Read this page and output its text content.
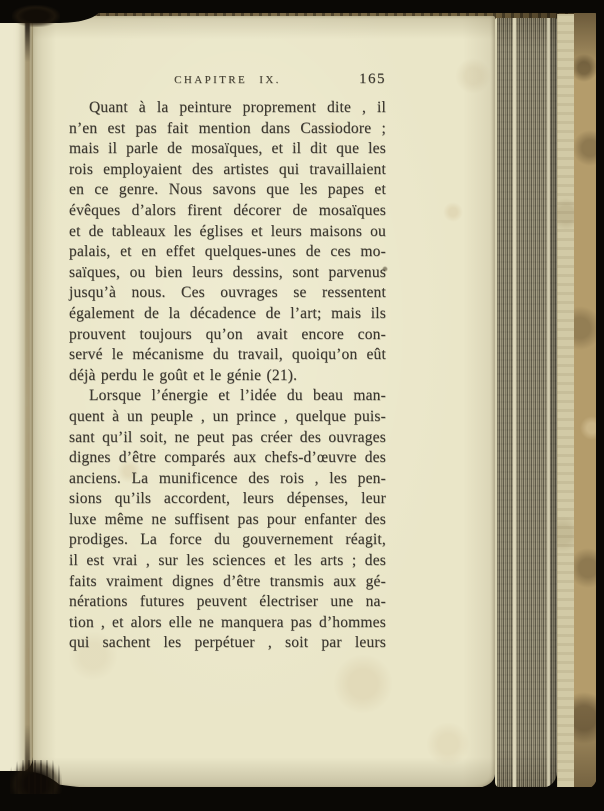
CHAPITRE IX.	165
Quant à la peinture proprement dite , il
n’en est pas fait mention dans Cassiodore ;
mais il parle de mosaïques, et il dit que les
rois employaient des artistes qui travaillaient
en ce genre. Nous savons que les papes et
évêques d’alors firent décorer de mosaïques
et de tableaux les églises et leurs maisons ou
palais, et en effet quelques-unes de ces mo-
saïques, ou bien leurs dessins, sont parvenus
jusqu’à nous. Ces ouvrages se ressentent
également de la décadence de l’art; mais ils
prouvent toujours qu’on avait encore con-
servé le mécanisme du travail, quoiqu’on eût
déjà perdu le goût et le génie (21).
Lorsque l’énergie et l’idée du beau man-
quent à un peuple , un prince , quelque puis-
sant qu’il soit, ne peut pas créer des ouvrages
dignes d’être comparés aux chefs-d’œuvre des
anciens. La munificence des rois , les pen-
sions qu’ils accordent, leurs dépenses, leur
luxe même ne suffisent pas pour enfanter des
prodiges. La force du gouvernement réagit,
il est vrai , sur les sciences et les arts ; des
faits vraiment dignes d’être transmis aux gé-
nérations futures peuvent électriser une na-
tion , et alors elle ne manquera pas d’hommes
qui sachent les perpétuer , soit par leurs
